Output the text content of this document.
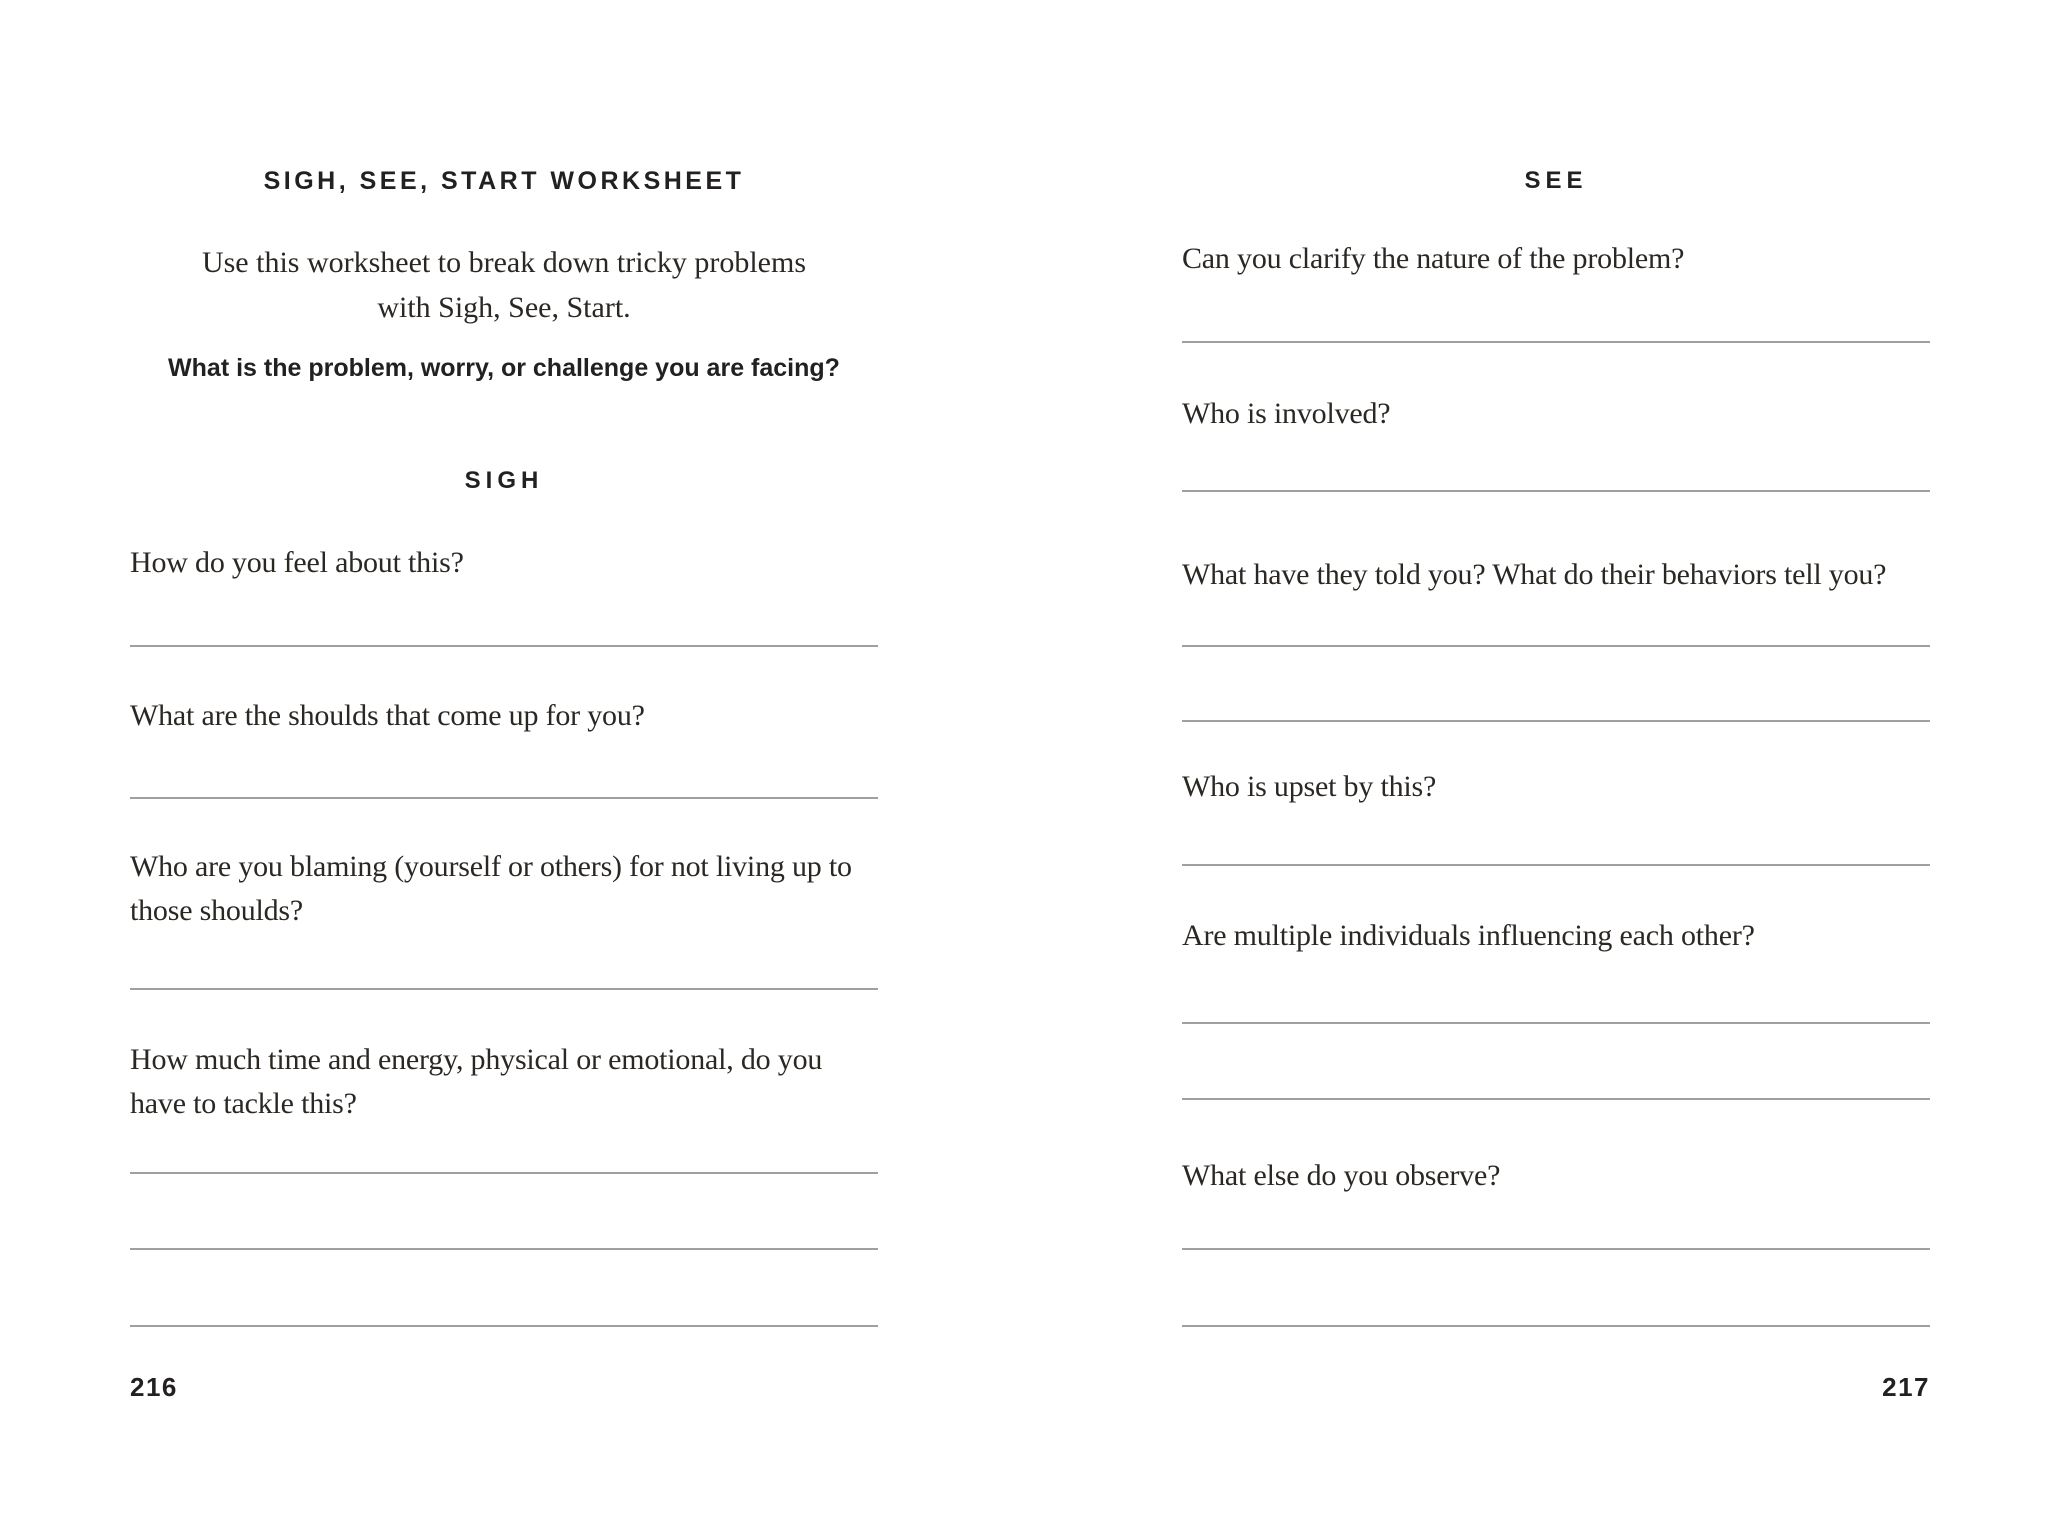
SIGH, SEE, START WORKSHEET
Use this worksheet to break down tricky problems
with Sigh, See, Start.
What is the problem, worry, or challenge you are facing?
SIGH
How do you feel about this?
What are the shoulds that come up for you?
Who are you blaming (yourself or others) for not living up to those shoulds?
How much time and energy, physical or emotional, do you have to tackle this?
216
SEE
Can you clarify the nature of the problem?
Who is involved?
What have they told you? What do their behaviors tell you?
Who is upset by this?
Are multiple individuals influencing each other?
What else do you observe?
217
